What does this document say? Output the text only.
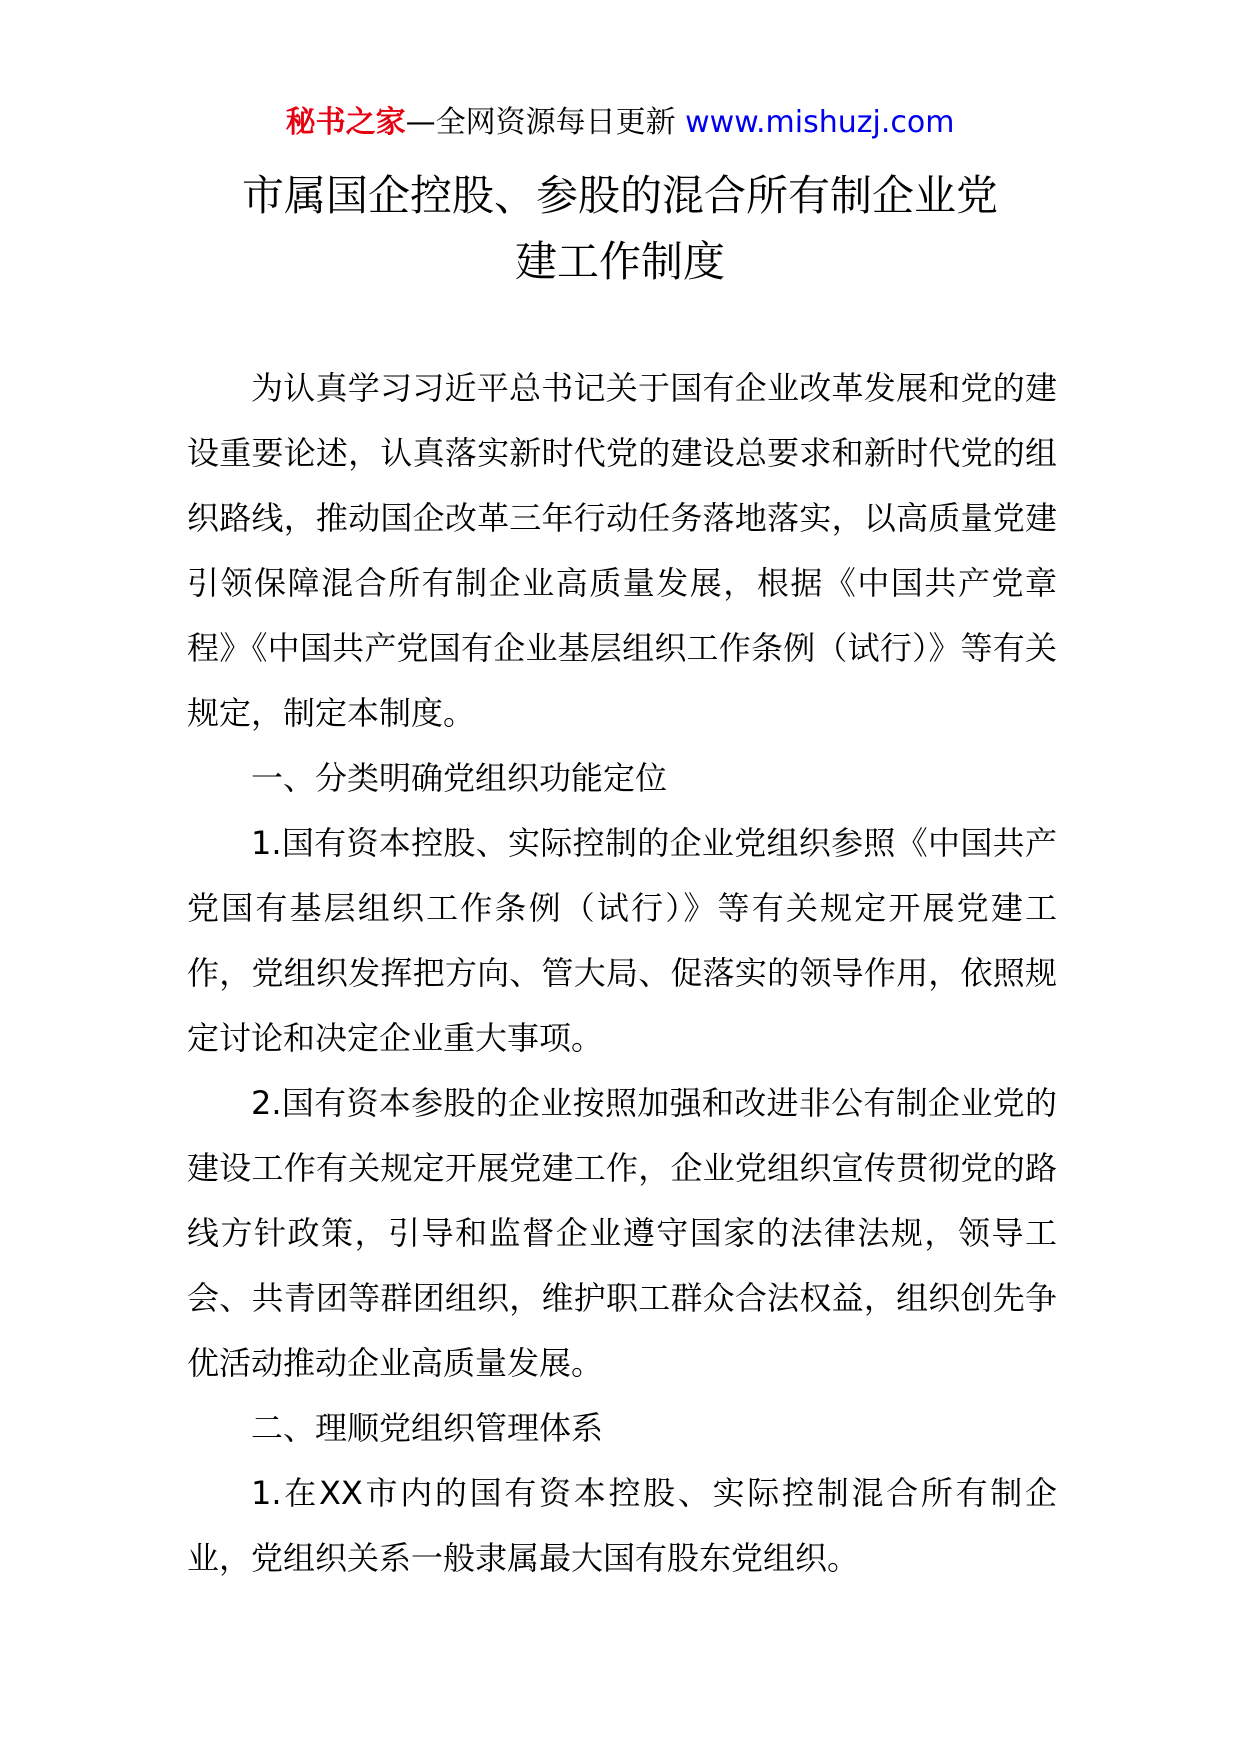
秘书之家—全网资源每日更新 www.mishuzj.com
市属国企控股、参股的混合所有制企业党
建工作制度

为认真学习习近平总书记关于国有企业改革发展和党的建设重要论述，认真落实新时代党的建设总要求和新时代党的组织路线，推动国企改革三年行动任务落地落实，以高质量党建引领保障混合所有制企业高质量发展，根据《中国共产党章程》《中国共产党国有企业基层组织工作条例（试行）》等有关规定，制定本制度。

一、分类明确党组织功能定位

1.国有资本控股、实际控制的企业党组织参照《中国共产党国有基层组织工作条例（试行）》等有关规定开展党建工作，党组织发挥把方向、管大局、促落实的领导作用，依照规定讨论和决定企业重大事项。

2.国有资本参股的企业按照加强和改进非公有制企业党的建设工作有关规定开展党建工作，企业党组织宣传贯彻党的路线方针政策，引导和监督企业遵守国家的法律法规，领导工会、共青团等群团组织，维护职工群众合法权益，组织创先争优活动推动企业高质量发展。

二、理顺党组织管理体系

1.在XX市内的国有资本控股、实际控制混合所有制企业，党组织关系一般隶属最大国有股东党组织。
